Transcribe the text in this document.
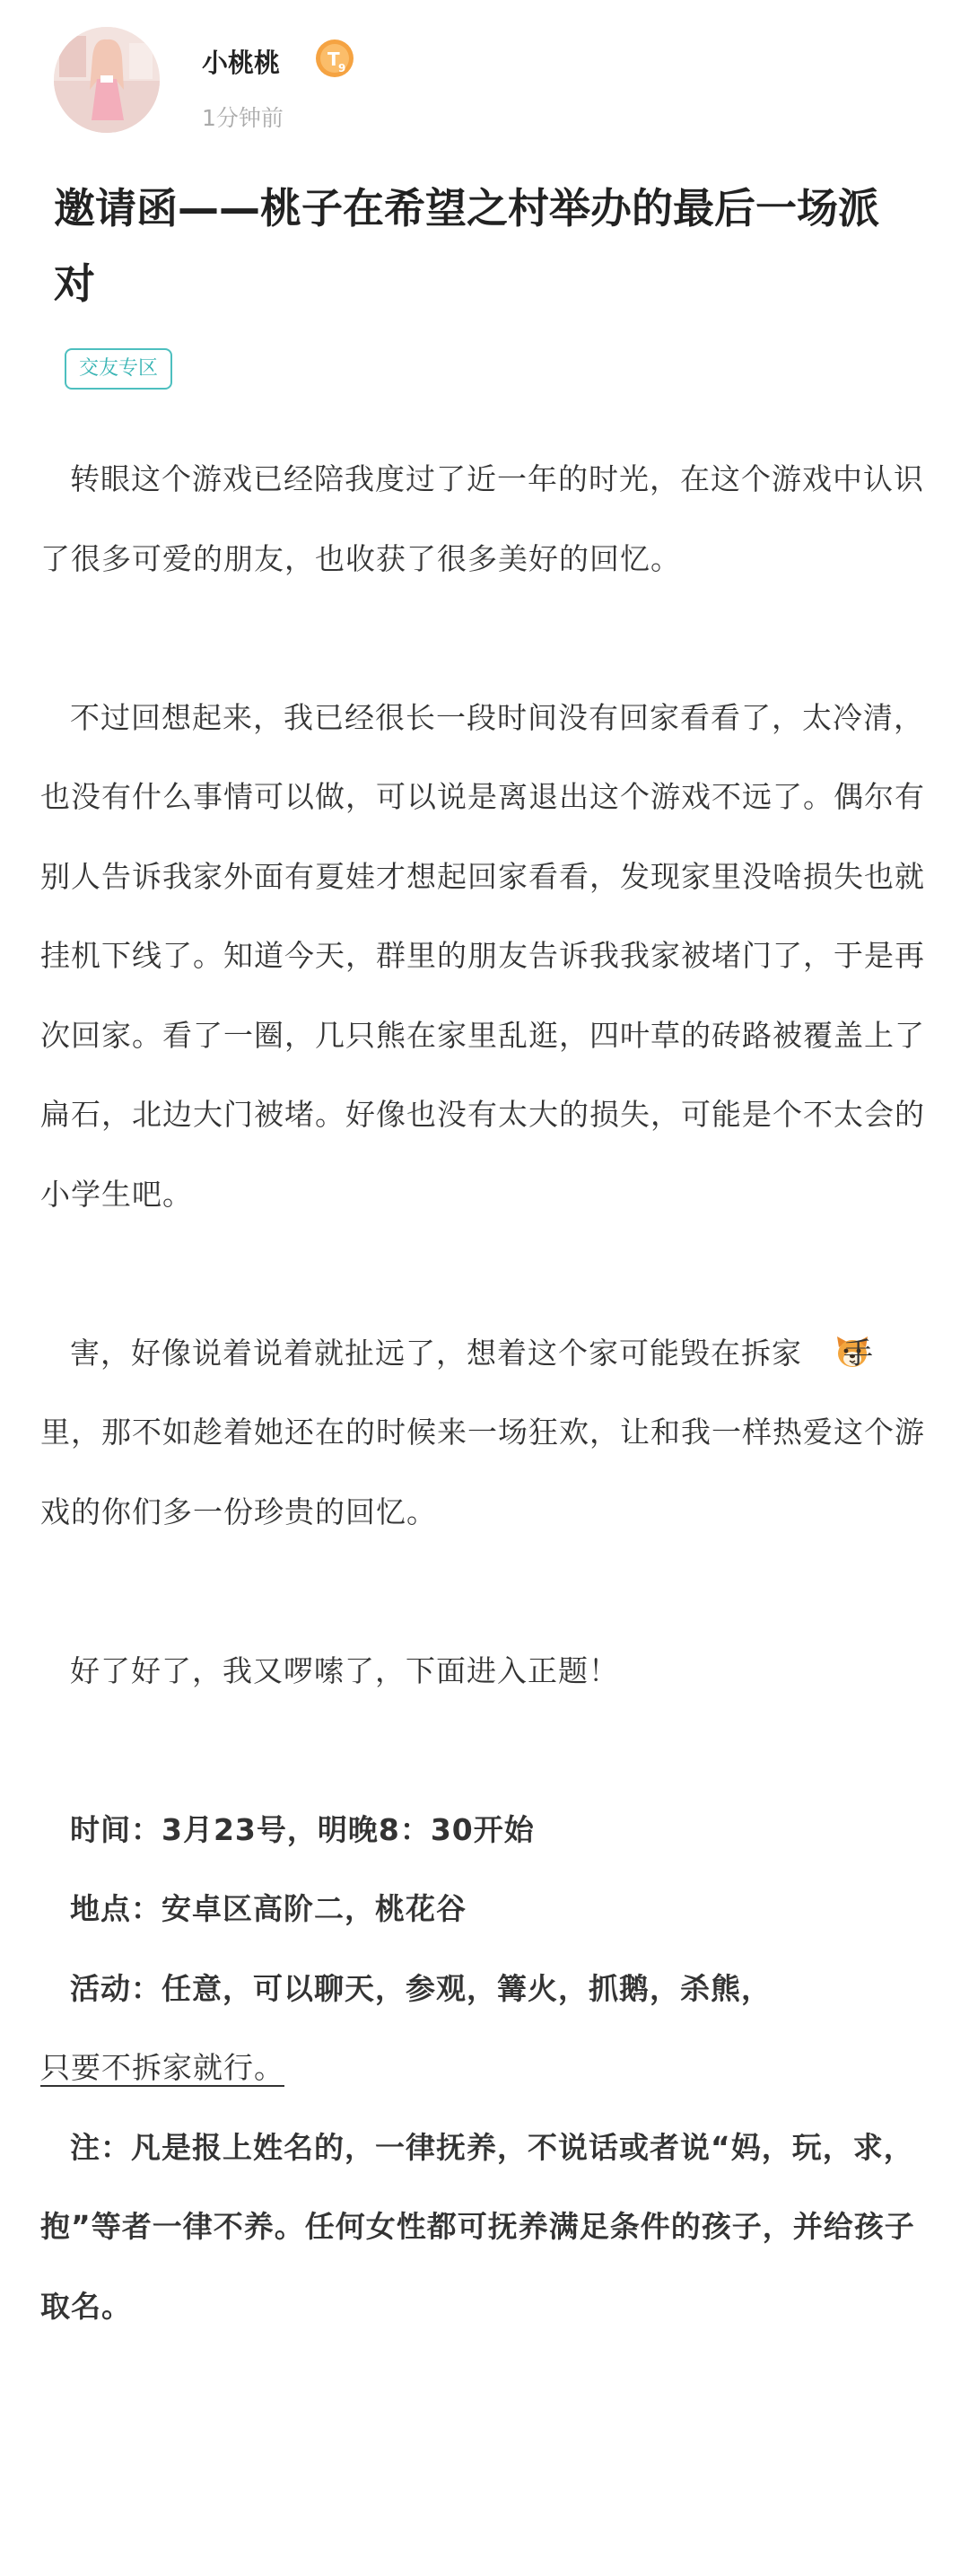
小桃桃	T
9
1分钟前
邀请函——桃子在希望之村举办的最后一场派对
交友专区

转眼这个游戏已经陪我度过了近一年的时光，在这个游戏中认识了很多可爱的朋友，也收获了很多美好的回忆。

不过回想起来，我已经很长一段时间没有回家看看了，太冷清，也没有什么事情可以做，可以说是离退出这个游戏不远了。偶尔有别人告诉我家外面有夏娃才想起回家看看，发现家里没啥损失也就挂机下线了。知道今天，群里的朋友告诉我我家被堵门了，于是再次回家。看了一圈，几只熊在家里乱逛，四叶草的砖路被覆盖上了扁石，北边大门被堵。好像也没有太大的损失，可能是个不太会的小学生吧。

害，好像说着说着就扯远了，想着这个家可能毁在拆家 手里，那不如趁着她还在的时候来一场狂欢，让和我一样热爱这个游戏的你们多一份珍贵的回忆。

好了好了，我又啰嗦了，下面进入正题！

时间：3月23号，明晚8：30开始

地点：安卓区高阶二，桃花谷

活动：任意，可以聊天，参观，篝火，抓鹅，杀熊，

只要不拆家就行。

注：凡是报上姓名的，一律抚养，不说话或者说“妈，玩，求，抱”等者一律不养。任何女性都可抚养满足条件的孩子，并给孩子取名。
